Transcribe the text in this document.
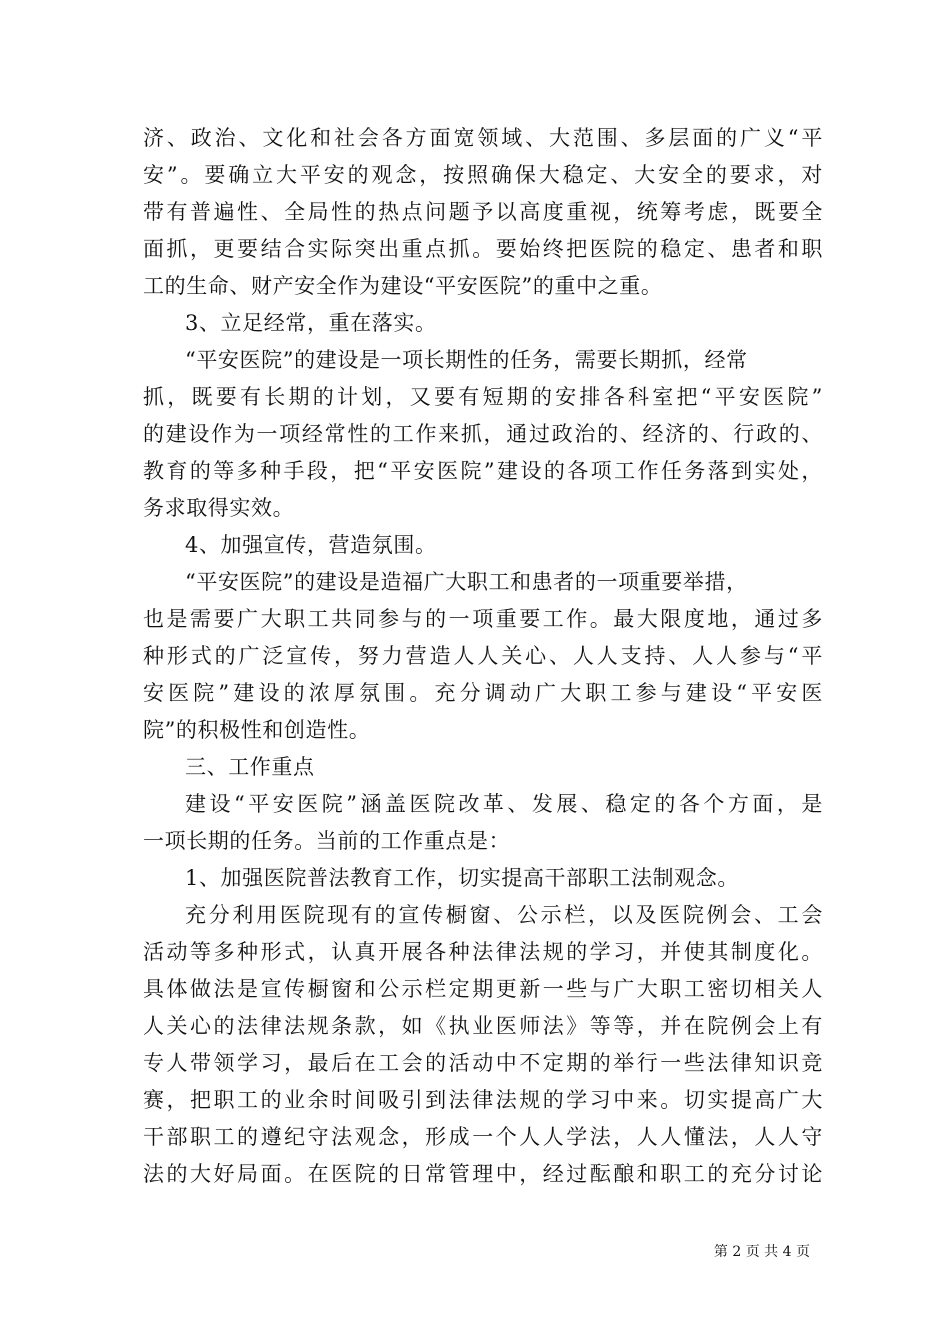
济、政治、文化和社会各方面宽领域、大范围、多层面的广义“平
安”。要确立大平安的观念，按照确保大稳定、大安全的要求，对
带有普遍性、全局性的热点问题予以高度重视，统筹考虑，既要全
面抓，更要结合实际突出重点抓。要始终把医院的稳定、患者和职
工的生命、财产安全作为建设“平安医院”的重中之重。
3、立足经常，重在落实。
“平安医院”的建设是一项长期性的任务，需要长期抓，经常
抓，既要有长期的计划，又要有短期的安排各科室把“平安医院”
的建设作为一项经常性的工作来抓，通过政治的、经济的、行政的、
教育的等多种手段，把“平安医院”建设的各项工作任务落到实处，
务求取得实效。
4、加强宣传，营造氛围。
“平安医院”的建设是造福广大职工和患者的一项重要举措，
也是需要广大职工共同参与的一项重要工作。最大限度地，通过多
种形式的广泛宣传，努力营造人人关心、人人支持、人人参与“平
安医院”建设的浓厚氛围。充分调动广大职工参与建设“平安医
院”的积极性和创造性。
三、工作重点
建设“平安医院”涵盖医院改革、发展、稳定的各个方面，是
一项长期的任务。当前的工作重点是：
1、加强医院普法教育工作，切实提高干部职工法制观念。
充分利用医院现有的宣传橱窗、公示栏，以及医院例会、工会
活动等多种形式，认真开展各种法律法规的学习，并使其制度化。
具体做法是宣传橱窗和公示栏定期更新一些与广大职工密切相关人
人关心的法律法规条款，如《执业医师法》等等，并在院例会上有
专人带领学习，最后在工会的活动中不定期的举行一些法律知识竞
赛，把职工的业余时间吸引到法律法规的学习中来。切实提高广大
干部职工的遵纪守法观念，形成一个人人学法，人人懂法，人人守
法的大好局面。在医院的日常管理中，经过酝酿和职工的充分讨论
第 2 页 共 4 页
